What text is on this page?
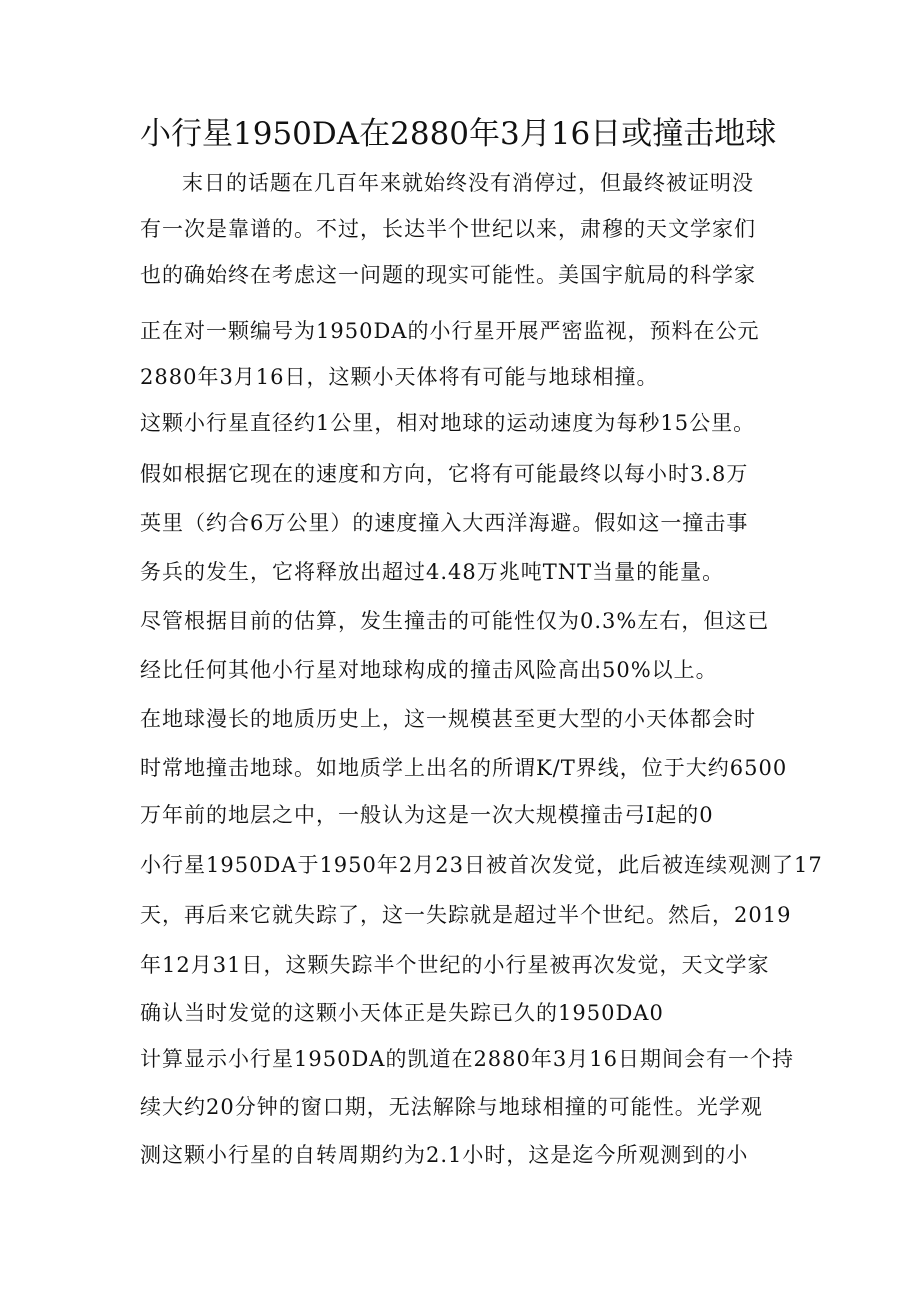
小行星1950DA在2880年3月16日或撞击地球
末日的话题在几百年来就始终没有消停过，但最终被证明没
有一次是靠谱的。不过，长达半个世纪以来，肃穆的天文学家们
也的确始终在考虑这一问题的现实可能性。美国宇航局的科学家
正在对一颗编号为1950DA的小行星开展严密监视，预料在公元
2880年3月16日，这颗小天体将有可能与地球相撞。
这颗小行星直径约1公里，相对地球的运动速度为每秒15公里。
假如根据它现在的速度和方向，它将有可能最终以每小时3.8万
英里（约合6万公里）的速度撞入大西洋海避。假如这一撞击事
务兵的发生，它将释放出超过4.48万兆吨TNT当量的能量。
尽管根据目前的估算，发生撞击的可能性仅为0.3%左右，但这已
经比任何其他小行星对地球构成的撞击风险高出50%以上。
在地球漫长的地质历史上，这一规模甚至更大型的小天体都会时
时常地撞击地球。如地质学上出名的所谓K/T界线，位于大约6500
万年前的地层之中，一般认为这是一次大规模撞击弓I起的0
小行星1950DA于1950年2月23日被首次发觉，此后被连续观测了17
天，再后来它就失踪了，这一失踪就是超过半个世纪。然后，2019
年12月31日，这颗失踪半个世纪的小行星被再次发觉，天文学家
确认当时发觉的这颗小天体正是失踪已久的1950DA0
计算显示小行星1950DA的凯道在2880年3月16日期间会有一个持
续大约20分钟的窗口期，无法解除与地球相撞的可能性。光学观
测这颗小行星的自转周期约为2.1小时，这是迄今所观测到的小
